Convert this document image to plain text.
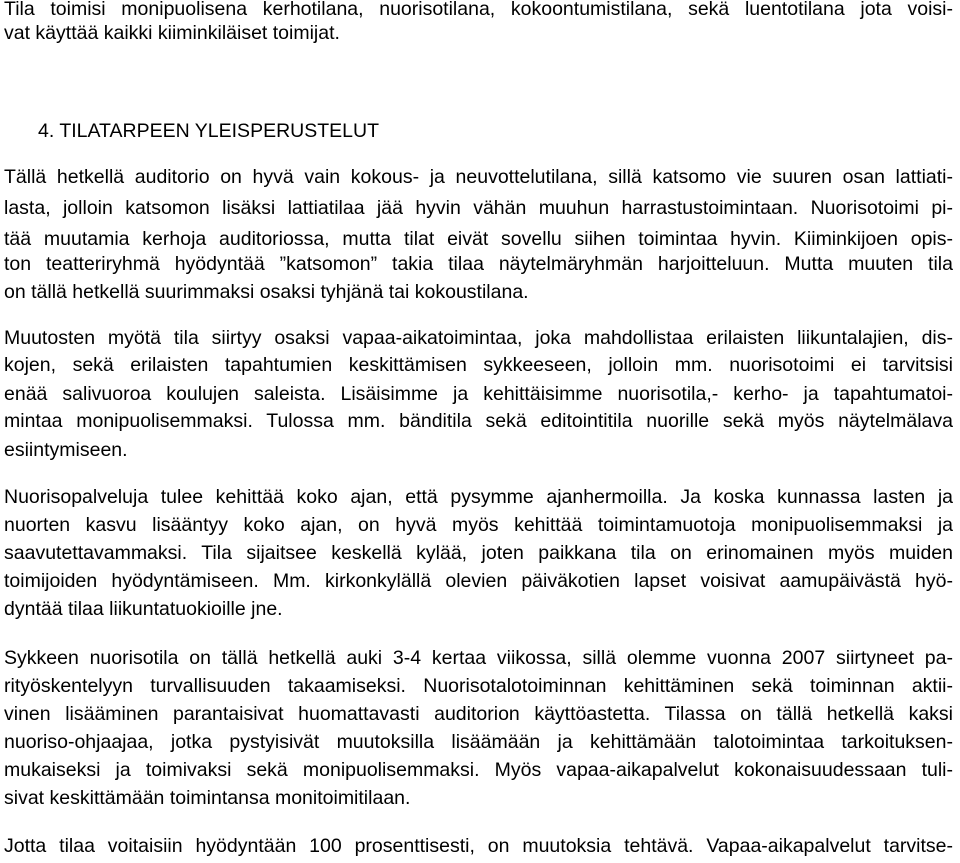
Tila toimisi monipuolisena kerhotilana, nuorisotilana, kokoontumistilana, sekä luentotilana jota voisi-

vat käyttää kaikki kiiminkiläiset toimijat.

4. TILATARPEEN YLEISPERUSTELUT

Tällä hetkellä auditorio on hyvä vain kokous- ja neuvottelutilana, sillä katsomo vie suuren osan lattiati-

lasta, jolloin katsomon lisäksi lattiatilaa jää hyvin vähän muuhun harrastustoimintaan. Nuorisotoimi pi-

tää muutamia kerhoja auditoriossa, mutta tilat eivät sovellu siihen toimintaa hyvin. Kiiminkijoen opis-

ton teatteriryhmä hyödyntää ”katsomon” takia tilaa näytelmäryhmän harjoitteluun. Mutta muuten tila

on tällä hetkellä suurimmaksi osaksi tyhjänä tai kokoustilana.

Muutosten myötä tila siirtyy osaksi vapaa-aikatoimintaa, joka mahdollistaa erilaisten liikuntalajien, dis-

kojen, sekä erilaisten tapahtumien keskittämisen sykkeeseen, jolloin mm. nuorisotoimi ei tarvitsisi

enää salivuoroa koulujen saleista. Lisäisimme ja kehittäisimme nuorisotila,- kerho- ja tapahtumatoi-

mintaa monipuolisemmaksi. Tulossa mm. bänditila sekä editointitila nuorille sekä myös näytelmälava

esiintymiseen.

Nuorisopalveluja tulee kehittää koko ajan, että pysymme ajanhermoilla. Ja koska kunnassa lasten ja

nuorten kasvu lisääntyy koko ajan, on hyvä myös kehittää toimintamuotoja monipuolisemmaksi ja

saavutettavammaksi. Tila sijaitsee keskellä kylää, joten paikkana tila on erinomainen myös muiden

toimijoiden hyödyntämiseen. Mm. kirkonkylällä olevien päiväkotien lapset voisivat aamupäivästä hyö-

dyntää tilaa liikuntatuokioille jne.

Sykkeen nuorisotila on tällä hetkellä auki 3-4 kertaa viikossa, sillä olemme vuonna 2007 siirtyneet pa-

rityöskentelyyn turvallisuuden takaamiseksi. Nuorisotalotoiminnan kehittäminen sekä toiminnan aktii-

vinen lisääminen parantaisivat huomattavasti auditorion käyttöastetta. Tilassa on tällä hetkellä kaksi

nuoriso-ohjaajaa, jotka pystyisivät muutoksilla lisäämään ja kehittämään talotoimintaa tarkoituksen-

mukaiseksi ja toimivaksi sekä monipuolisemmaksi. Myös vapaa-aikapalvelut kokonaisuudessaan tuli-

sivat keskittämään toimintansa monitoimitilaan.

Jotta tilaa voitaisiin hyödyntään 100 prosenttisesti, on muutoksia tehtävä. Vapaa-aikapalvelut tarvitse-
